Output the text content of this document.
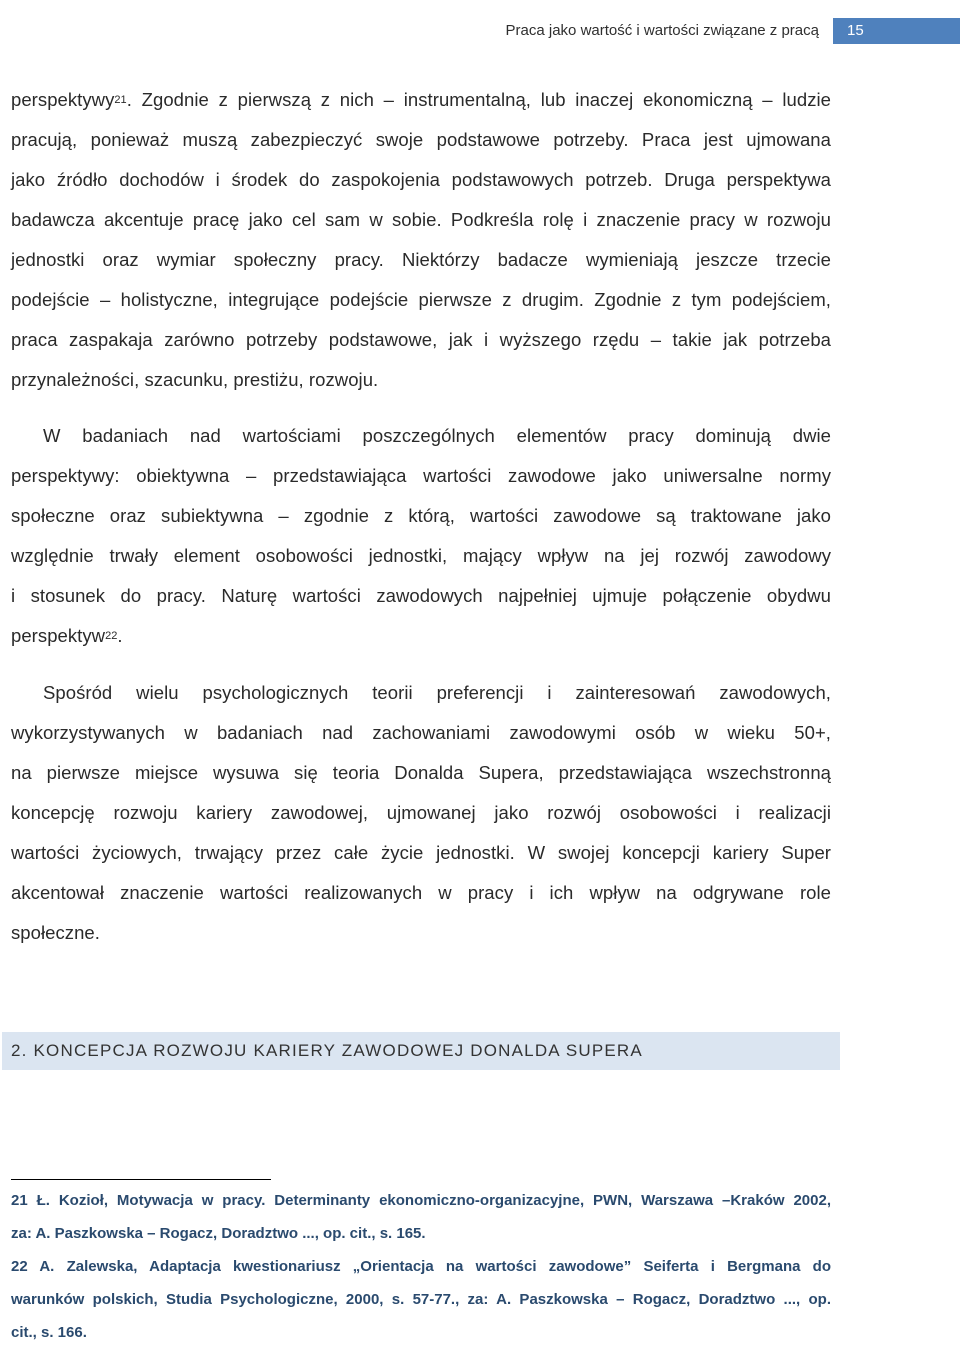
Praca jako wartość i wartości związane z pracą 15
perspektywy$^{21}$. Zgodnie z pierwszą z nich – instrumentalną, lub inaczej ekonomiczną – ludzie
pracują, ponieważ muszą zabezpieczyć swoje podstawowe potrzeby. Praca jest ujmowana
jako źródło dochodów i środek do zaspokojenia podstawowych potrzeb. Druga perspektywa
badawcza akcentuje pracę jako cel sam w sobie. Podkreśla rolę i znaczenie pracy w rozwoju
jednostki oraz wymiar społeczny pracy. Niektórzy badacze wymieniają jeszcze trzecie
podejście – holistyczne, integrujące podejście pierwsze z drugim. Zgodnie z tym podejściem,
praca zaspakaja zarówno potrzeby podstawowe, jak i wyższego rzędu – takie jak potrzeba
przynależności, szacunku, prestiżu, rozwoju.
W badaniach nad wartościami poszczególnych elementów pracy dominują dwie
perspektywy: obiektywna – przedstawiająca wartości zawodowe jako uniwersalne normy
społeczne oraz subiektywna – zgodnie z którą, wartości zawodowe są traktowane jako
względnie trwały element osobowości jednostki, mający wpływ na jej rozwój zawodowy
i stosunek do pracy. Naturę wartości zawodowych najpełniej ujmuje połączenie obydwu
perspektyw$^{22}$.
Spośród wielu psychologicznych teorii preferencji i zainteresowań zawodowych,
wykorzystywanych w badaniach nad zachowaniami zawodowymi osób w wieku 50+,
na pierwsze miejsce wysuwa się teoria Donalda Supera, przedstawiająca wszechstronną
koncepcję rozwoju kariery zawodowej, ujmowanej jako rozwój osobowości i realizacji
wartości życiowych, trwający przez całe życie jednostki. W swojej koncepcji kariery Super
akcentował znaczenie wartości realizowanych w pracy i ich wpływ na odgrywane role
społeczne.
2. KONCEPCJA ROZWOJU KARIERY ZAWODOWEJ DONALDA SUPERA
21 Ł. Kozioł, Motywacja w pracy. Determinanty ekonomiczno-organizacyjne, PWN, Warszawa –Kraków 2002,
za: A. Paszkowska – Rogacz, Doradztwo ..., op. cit., s. 165.
22 A. Zalewska, Adaptacja kwestionariusz „Orientacja na wartości zawodowe” Seiferta i Bergmana do
warunków polskich, Studia Psychologiczne, 2000, s. 57-77., za: A. Paszkowska – Rogacz, Doradztwo ..., op.
cit., s. 166.
